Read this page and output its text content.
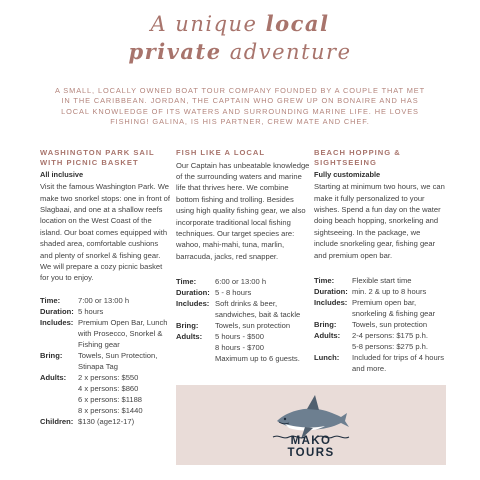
A unique local
private adventure
A SMALL, LOCALLY OWNED BOAT TOUR COMPANY FOUNDED BY A COUPLE THAT MET IN THE CARIBBEAN. JORDAN, THE CAPTAIN WHO GREW UP ON BONAIRE AND HAS LOCAL KNOWLEDGE OF ITS WATERS AND SURROUNDING MARINE LIFE. HE LOVES FISHING! GALINA, IS HIS PARTNER, CREW MATE AND CHEF.
WASHINGTON PARK SAIL WITH PICNIC BASKET
All inclusive
Visit the famous Washington Park. We make two snorkel stops: one in front of Slagbaai, and one at a shallow reefs location on the West Coast of the island. Our boat comes equipped with shaded area, comfortable cushions and plenty of snorkel & fishing gear. We will prepare a cozy picnic basket for you to enjoy.
Time:	7:00 or 13:00 h
Duration: 5 hours
Includes: Premium Open Bar, Lunch with Prosecco, Snorkel & Fishing gear
Bring:	Towels, Sun Protection, Stinapa Tag
Adults:	2 x persons: $550
4 x persons: $860
6 x persons: $1188
8 x persons: $1440
Children: $130 (age12-17)
FISH LIKE A LOCAL
Our Captain has unbeatable knowledge of the surrounding waters and marine life that thrives here. We combine bottom fishing and trolling. Besides using high quality fishing gear, we also incorporate traditional local fishing techniques. Our target species are: wahoo, mahi-mahi, tuna, marlin, barracuda, jacks, red snapper.
Time:	6:00 or 13:00 h
Duration: 5 - 8 hours
Includes: Soft drinks & beer, sandwiches, bait & tackle
Bring:	Towels, sun protection
Adults:	5 hours - $500
8 hours - $700
Maximum up to 6 guests.
BEACH HOPPING & SIGHTSEEING
Fully customizable
Starting at minimum two hours, we can make it fully personalized to your wishes. Spend a fun day on the water doing beach hopping, snorkeling and sightseeing. In the package, we include snorkeling gear, fishing gear and premium open bar.
Time:	Flexible start time
Duration: min. 2 & up to 8 hours
Includes: Premium open bar, snorkeling & fishing gear
Bring:	Towels, sun protection
Adults:	2-4 persons: $175 p.h.
5-8 persons: $275 p.h.
Lunch:	Included for trips of 4 hours and more.
MAKO TOURS
